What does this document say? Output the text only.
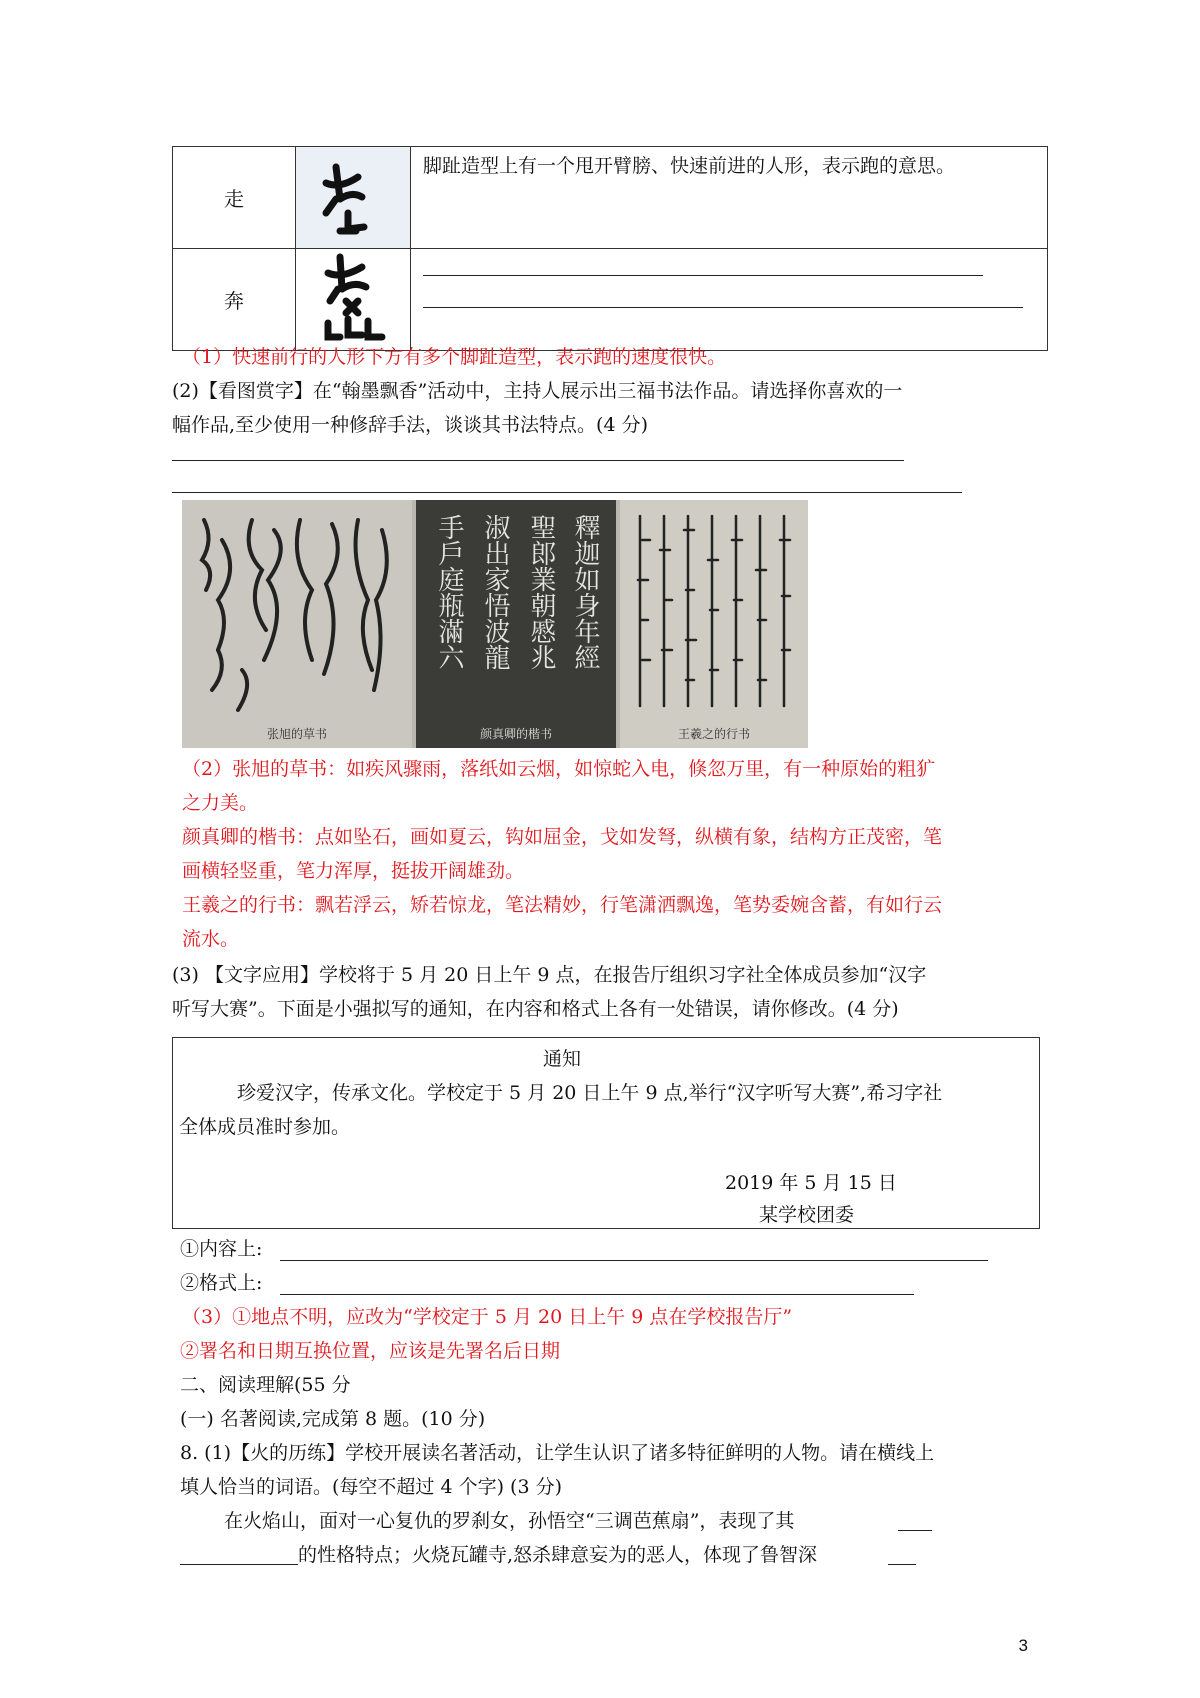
走		脚趾造型上有一个甩开臂膀、快速前进的人形，表示跑的意思。
奔		
（1）快速前行的人形下方有多个脚趾造型，表示跑的速度很快。
(2)【看图赏字】在“翰墨飘香”活动中，主持人展示出三福书法作品。请选择你喜欢的一
幅作品,至少使用一种修辞手法，谈谈其书法特点。(4 分)
张旭的草书
釋迦如身年經
聖郎業朝慼兆
淑出家悟波龍
手戶庭瓶滿六
颜真卿的楷书	王羲之的行书
（2）张旭的草书：如疾风骤雨，落纸如云烟，如惊蛇入电，倏忽万里，有一种原始的粗犷
之力美。
颜真卿的楷书：点如坠石，画如夏云，钩如屈金，戈如发弩，纵横有象，结构方正茂密，笔
画横轻竖重，笔力浑厚，挺拔开阔雄劲。
王羲之的行书：飘若浮云，矫若惊龙，笔法精妙，行笔潇洒飘逸，笔势委婉含蓄，有如行云
流水。
(3) 【文字应用】学校将于 5 月 20 日上午 9 点，在报告厅组织习字社全体成员参加“汉字
听写大赛”。下面是小强拟写的通知，在内容和格式上各有一处错误，请你修改。(4 分)
通知
珍爱汉字，传承文化。学校定于 5 月 20 日上午 9 点,举行“汉字听写大赛”,希习字社
全体成员准时参加。
2019 年 5 月 15 日
某学校团委
①内容上:
②格式上:
（3）①地点不明，应改为“学校定于 5 月 20 日上午 9 点在学校报告厅”
②署名和日期互换位置，应该是先署名后日期
二、阅读理解(55 分
(一) 名著阅读,完成第 8 题。(10 分)
8. (1)【火的历练】学校开展读名著活动，让学生认识了诸多特征鲜明的人物。请在横线上
填人恰当的词语。(每空不超过 4 个字) (3 分)
在火焰山，面对一心复仇的罗刹女，孙悟空“三调芭蕉扇”，表现了其
的性格特点；火烧瓦罐寺,怒杀肆意妄为的恶人，体现了鲁智深
3
